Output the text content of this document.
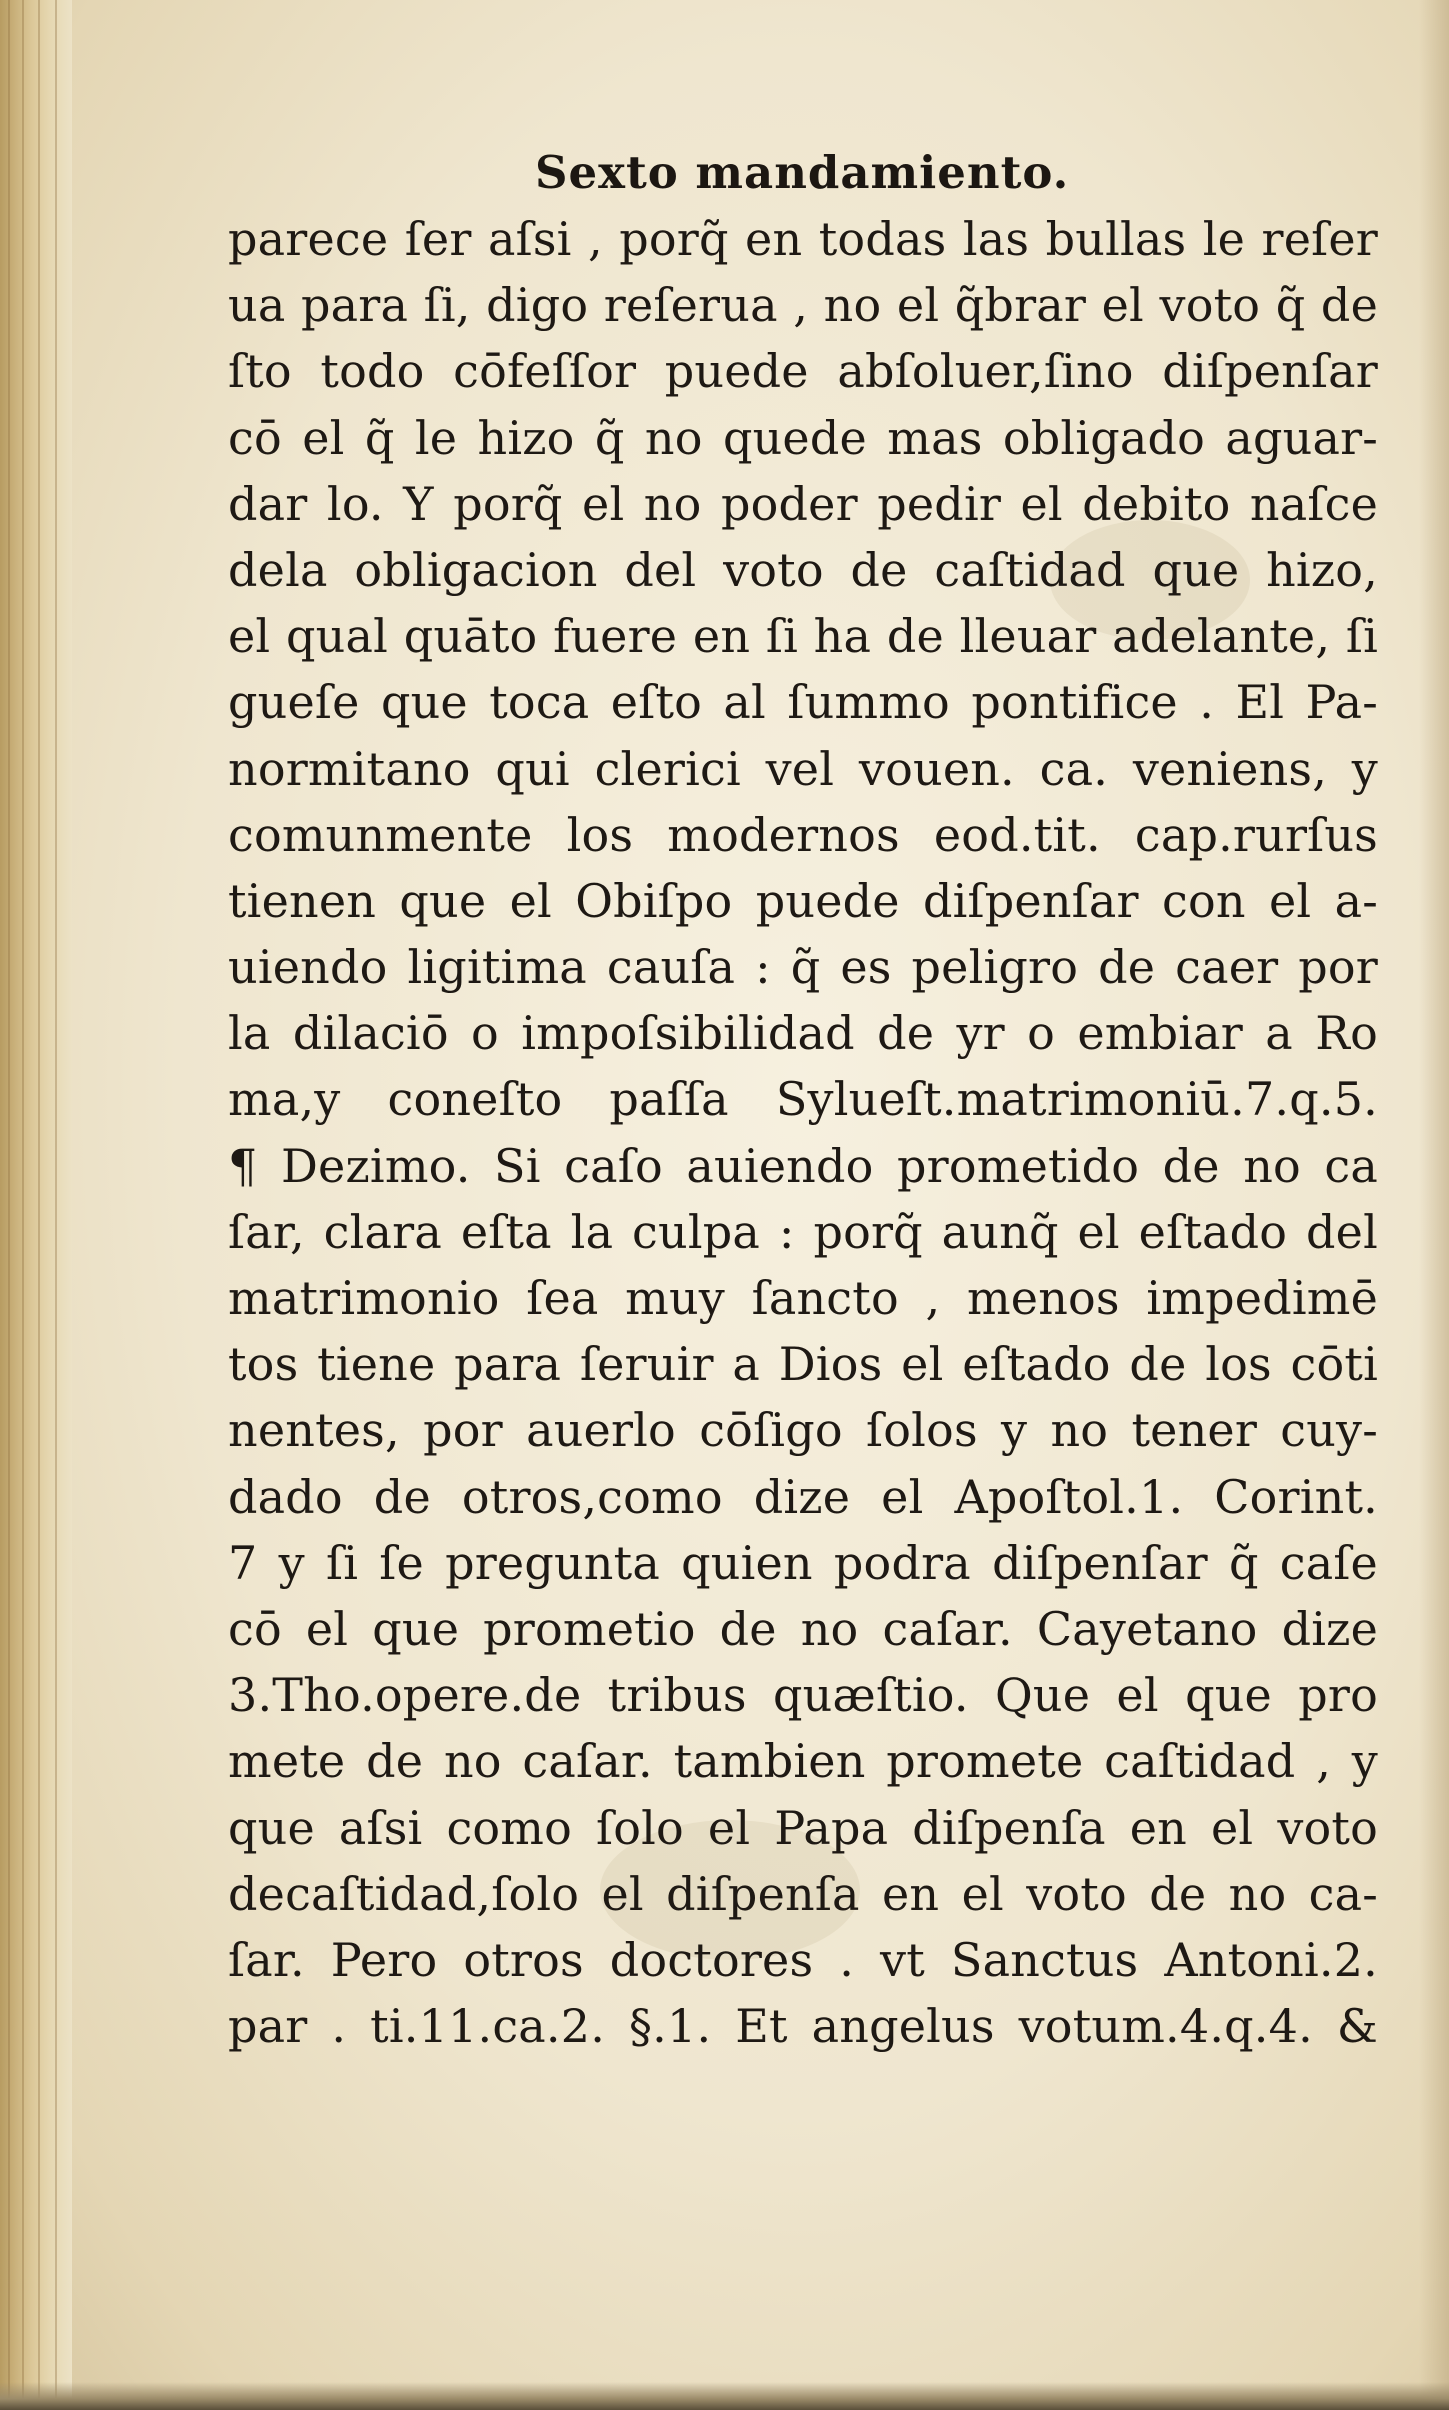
Sexto mandamiento.
parece ſer aſsi , porq̃ en todas las bullas le reſer
ua para ſi, digo reſerua , no el q̃brar el voto q̃ de
ſto todo cōfeſſor puede abſoluer,ſino diſpenſar
cō el q̃ le hizo q̃ no quede mas obligado aguar-
dar lo. Y porq̃ el no poder pedir el debito naſce
dela obligacion del voto de caſtidad que hizo,
el qual quāto fuere en ſi ha de lleuar adelante, ſi
gueſe que toca eſto al ſummo pontifice . El Pa-
normitano qui clerici vel vouen. ca. veniens, y
comunmente los modernos eod.tit. cap.rurſus
tienen que el Obiſpo puede diſpenſar con el a-
uiendo ligitima cauſa : q̃ es peligro de caer por
la dilaciō o impoſsibilidad de yr o embiar a Ro
ma,y coneſto paſſa Sylueſt.matrimoniū.7.q.5.
¶ Dezimo. Si caſo auiendo prometido de no ca
ſar, clara eſta la culpa : porq̃ aunq̃ el eſtado del
matrimonio ſea muy ſancto , menos impedimē
tos tiene para ſeruir a Dios el eſtado de los cōti
nentes, por auerlo cōſigo ſolos y no tener cuy-
dado de otros,como dize el Apoſtol.1. Corint.
7 y ſi ſe pregunta quien podra diſpenſar q̃ caſe
cō el que prometio de no caſar. Cayetano dize
3.Tho.opere.de tribus quæſtio. Que el que pro
mete de no caſar. tambien promete caſtidad , y
que aſsi como ſolo el Papa diſpenſa en el voto
decaſtidad,ſolo el diſpenſa en el voto de no ca-
ſar. Pero otros doctores . vt Sanctus Antoni.2.
par . ti.11.ca.2. §.1. Et angelus votum.4.q.4. &
